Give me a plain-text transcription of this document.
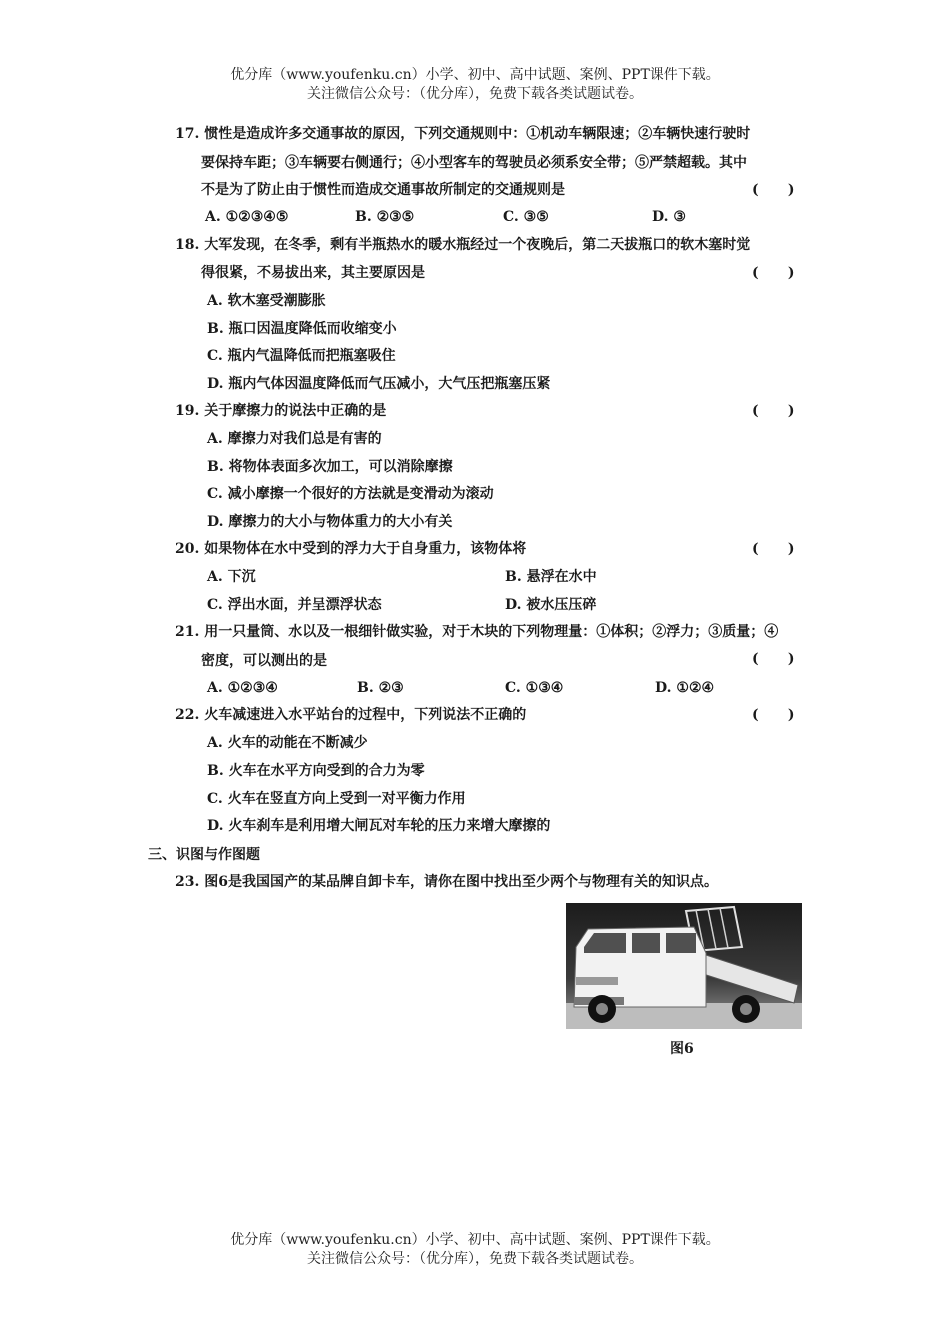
优分库（www.youfenku.cn）小学、初中、高中试题、案例、PPT课件下载。
关注微信公众号：（优分库），免费下载各类试题试卷。
17. 惯性是造成许多交通事故的原因，下列交通规则中：①机动车辆限速；②车辆快速行驶时
要保持车距；③车辆要右侧通行；④小型客车的驾驶员必须系安全带；⑤严禁超载。其中
不是为了防止由于惯性而造成交通事故所制定的交通规则是	(      )
A. ①②③④⑤	B. ②③⑤	C. ③⑤	D. ③
18. 大军发现，在冬季，剩有半瓶热水的暖水瓶经过一个夜晚后，第二天拔瓶口的软木塞时觉
得很紧，不易拔出来，其主要原因是	(      )
A. 软木塞受潮膨胀
B. 瓶口因温度降低而收缩变小
C. 瓶内气温降低而把瓶塞吸住
D. 瓶内气体因温度降低而气压减小，大气压把瓶塞压紧
19. 关于摩擦力的说法中正确的是	(      )
A. 摩擦力对我们总是有害的
B. 将物体表面多次加工，可以消除摩擦
C. 减小摩擦一个很好的方法就是变滑动为滚动
D. 摩擦力的大小与物体重力的大小有关
20. 如果物体在水中受到的浮力大于自身重力，该物体将	(      )
A. 下沉	B. 悬浮在水中
C. 浮出水面，并呈漂浮状态	D. 被水压压碎
21. 用一只量筒、水以及一根细针做实验，对于木块的下列物理量：①体积；②浮力；③质量；④
密度，可以测出的是	(      )
A. ①②③④	B. ②③	C. ①③④	D. ①②④
22. 火车减速进入水平站台的过程中，下列说法不正确的	(      )
A. 火车的动能在不断减少
B. 火车在水平方向受到的合力为零
C. 火车在竖直方向上受到一对平衡力作用
D. 火车刹车是利用增大闸瓦对车轮的压力来增大摩擦的
三、识图与作图题
23. 图6是我国国产的某品牌自卸卡车，请你在图中找出至少两个与物理有关的知识点。
图6
优分库（www.youfenku.cn）小学、初中、高中试题、案例、PPT课件下载。
关注微信公众号：（优分库），免费下载各类试题试卷。
